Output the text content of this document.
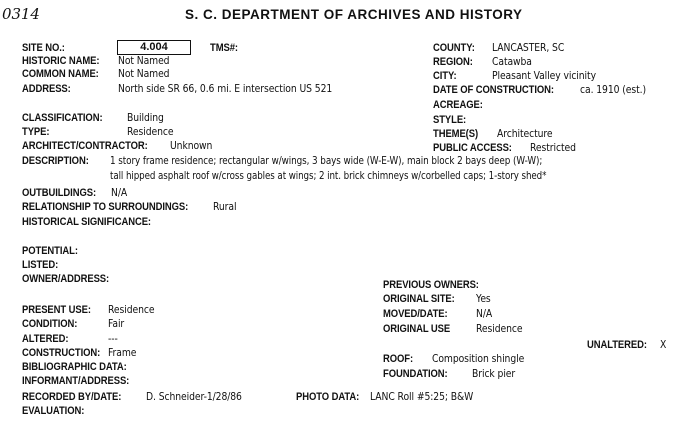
0314	S. C. DEPARTMENT OF ARCHIVES AND HISTORY
SITE NO.:	4.004	TMS#:
HISTORIC NAME:	Not Named
COMMON NAME:	Not Named
ADDRESS:	North side SR 66, 0.6 mi. E intersection US 521
CLASSIFICATION:	Building
TYPE:	Residence
ARCHITECT/CONTRACTOR:	Unknown
DESCRIPTION:	1 story frame residence; rectangular w/wings, 3 bays wide (W-E-W), main block 2 bays deep (W-W);
tall hipped asphalt roof w/cross gables at wings; 2 int. brick chimneys w/corbelled caps; 1-story shed*
OUTBUILDINGS:	N/A
RELATIONSHIP TO SURROUNDINGS:	Rural
HISTORICAL SIGNIFICANCE:
POTENTIAL:
LISTED:
OWNER/ADDRESS:
PRESENT USE:	Residence
CONDITION:	Fair
ALTERED:	---
CONSTRUCTION: Frame
BIBLIOGRAPHIC DATA:
INFORMANT/ADDRESS:
RECORDED BY/DATE:	D. Schneider-1/28/86
EVALUATION:
COUNTY:	LANCASTER, SC
REGION:	Catawba
CITY:	Pleasant Valley vicinity
DATE OF CONSTRUCTION:	ca. 1910 (est.)
ACREAGE:
STYLE:
THEME(S)	Architecture
PUBLIC ACCESS:	Restricted
PREVIOUS OWNERS:
ORIGINAL SITE:	Yes
MOVED/DATE:	N/A
ORIGINAL USE	Residence
UNALTERED:	X
ROOF:	Composition shingle
FOUNDATION:	Brick pier
PHOTO DATA:	LANC Roll #5:25; B&W
